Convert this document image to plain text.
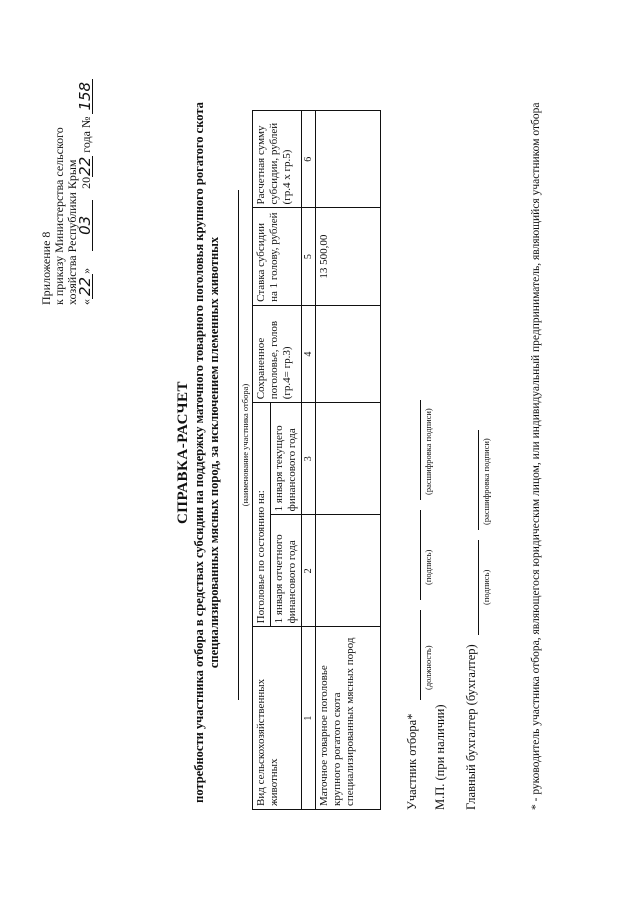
Приложение 8 к приказу Министерства сельского хозяйства Республики Крым «22» 03 2022 года № 158
СПРАВКА-РАСЧЕТ потребности участника отбора в средствах субсидии на поддержку маточного товарного поголовья крупного рогатого скота специализированных мясных пород, за исключением племенных животных (наименование участника отбора)
Вид сельскохозяйственных животных	Поголовье по состоянию на:		Сохраненное поголовье, голов (гр.4= гр.3)	Ставка субсидии на 1 голову, рублей	Расчетная сумму субсидии, рублей (гр.4 х гр.5)
	1 января отчетного финансового года	1 января текущего финансового года			
1	2	3	4	5	6
Маточное товарное поголовье крупного рогатого скота специализированных мясных пород				13 500,00	
Участник отбора*
(должность)
(подпись)
(расшифровка подписи)
М.П. (при наличии) Главный бухгалтер (бухгалтер)
(подпись)
(расшифровка подписи)	* - руководитель участника отбора, являющегося юридическим лицом, или индивидуальный предприниматель, являющийся участником отбора
